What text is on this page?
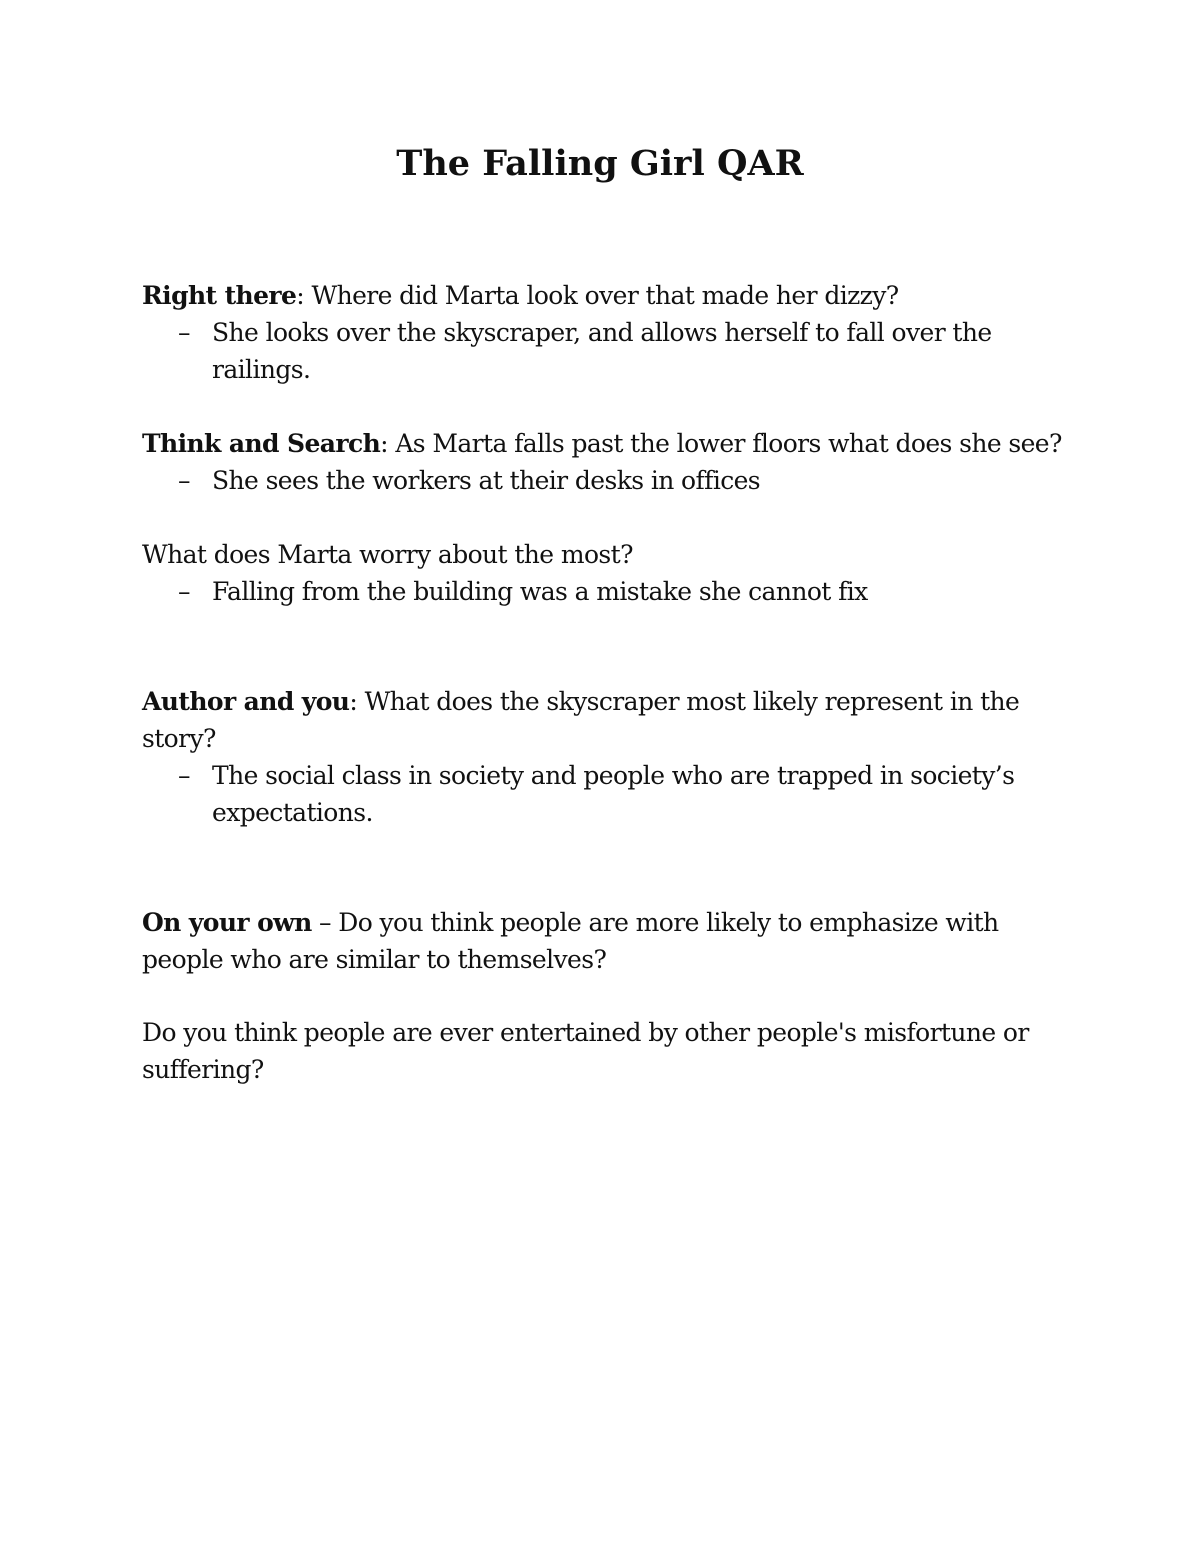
The Falling Girl QAR

Right there: Where did Marta look over that made her dizzy?

– She looks over the skyscraper, and allows herself to fall over the railings.

Think and Search: As Marta falls past the lower floors what does she see?

– She sees the workers at their desks in offices

What does Marta worry about the most?

– Falling from the building was a mistake she cannot fix

Author and you: What does the skyscraper most likely represent in the story?

– The social class in society and people who are trapped in society’s expectations.

On your own – Do you think people are more likely to emphasize with people who are similar to themselves?

Do you think people are ever entertained by other people's misfortune or suffering?
